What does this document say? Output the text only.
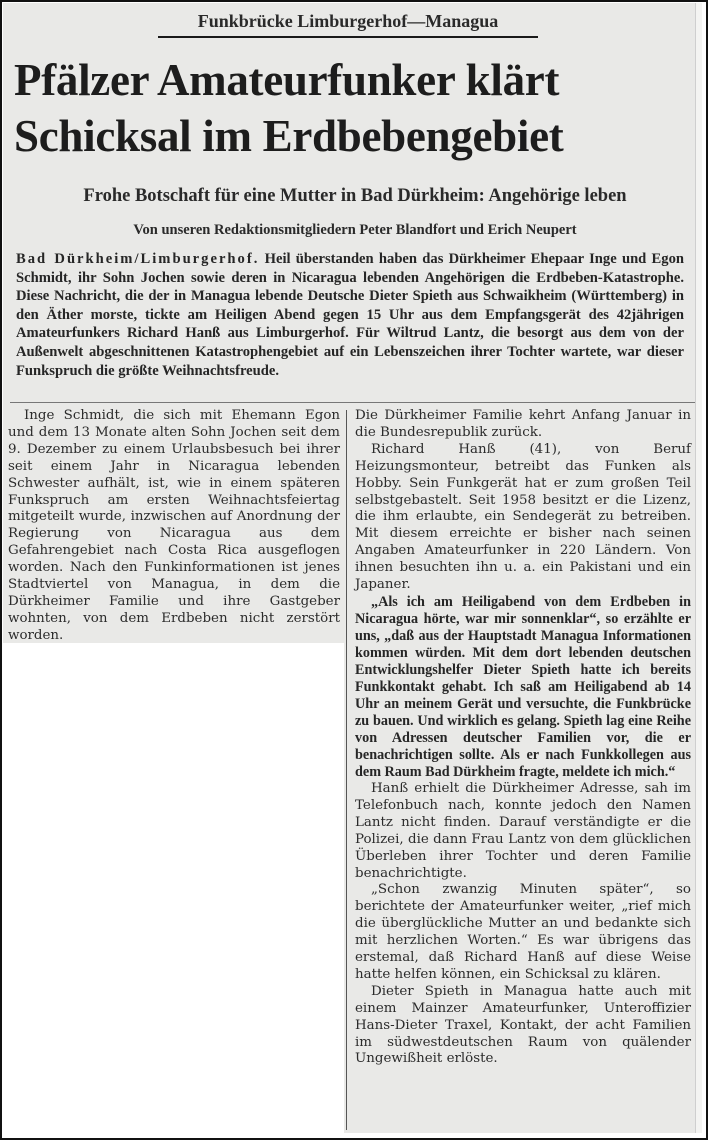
Funkbrücke Limburgerhof—Managua
Pfälzer Amateurfunker klärt
Schicksal im Erdbebengebiet
Frohe Botschaft für eine Mutter in Bad Dürkheim: Angehörige leben
Von unseren Redaktionsmitgliedern Peter Blandfort und Erich Neupert
Bad Dürkheim/Limburgerhof. Heil überstanden haben das Dürkheimer Ehepaar Inge und Egon Schmidt, ihr Sohn Jochen sowie deren in Nicaragua lebenden Angehörigen die Erdbeben-Katastrophe. Diese Nachricht, die der in Managua lebende Deutsche Dieter Spieth aus Schwaikheim (Württemberg) in den Äther morste, tickte am Heiligen Abend gegen 15 Uhr aus dem Empfangsgerät des 42jährigen Amateurfunkers Richard Hanß aus Limburgerhof. Für Wiltrud Lantz, die besorgt aus dem von der Außenwelt abgeschnittenen Katastrophengebiet auf ein Lebenszeichen ihrer Tochter wartete, war dieser Funkspruch die größte Weihnachtsfreude.

Inge Schmidt, die sich mit Ehemann Egon und dem 13 Monate alten Sohn Jochen seit dem 9. Dezember zu einem Urlaubsbesuch bei ihrer seit einem Jahr in Nicaragua lebenden Schwester aufhält, ist, wie in einem späteren Funkspruch am ersten Weihnachtsfeiertag mitgeteilt wurde, inzwischen auf Anordnung der Regierung von Nicaragua aus dem Gefahrengebiet nach Costa Rica ausgeflogen worden. Nach den Funkinformationen ist jenes Stadtviertel von Managua, in dem die Dürkheimer Familie und ihre Gastgeber wohnten, von dem Erdbeben nicht zerstört worden.

Die Dürkheimer Familie kehrt Anfang Januar in die Bundesrepublik zurück.

Richard Hanß (41), von Beruf Heizungsmonteur, betreibt das Funken als Hobby. Sein Funkgerät hat er zum großen Teil selbstgebastelt. Seit 1958 besitzt er die Lizenz, die ihm erlaubte, ein Sendegerät zu betreiben. Mit diesem erreichte er bisher nach seinen Angaben Amateurfunker in 220 Ländern. Von ihnen besuchten ihn u. a. ein Pakistani und ein Japaner.

„Als ich am Heiligabend von dem Erdbeben in Nicaragua hörte, war mir sonnenklar“, so erzählte er uns, „daß aus der Hauptstadt Managua Informationen kommen würden. Mit dem dort lebenden deutschen Entwicklungshelfer Dieter Spieth hatte ich bereits Funkkontakt gehabt. Ich saß am Heiligabend ab 14 Uhr an meinem Gerät und versuchte, die Funkbrücke zu bauen. Und wirklich es gelang. Spieth lag eine Reihe von Adressen deutscher Familien vor, die er benachrichtigen sollte. Als er nach Funkkollegen aus dem Raum Bad Dürkheim fragte, meldete ich mich.“

Hanß erhielt die Dürkheimer Adresse, sah im Telefonbuch nach, konnte jedoch den Namen Lantz nicht finden. Darauf verständigte er die Polizei, die dann Frau Lantz von dem glücklichen Überleben ihrer Tochter und deren Familie benachrichtigte.

„Schon zwanzig Minuten später“, so berichtete der Amateurfunker weiter, „rief mich die überglückliche Mutter an und bedankte sich mit herzlichen Worten.“ Es war übrigens das erstemal, daß Richard Hanß auf diese Weise hatte helfen können, ein Schicksal zu klären.

Dieter Spieth in Managua hatte auch mit einem Mainzer Amateurfunker, Unteroffizier Hans-Dieter Traxel, Kontakt, der acht Familien im südwestdeutschen Raum von quälender Ungewißheit erlöste.
